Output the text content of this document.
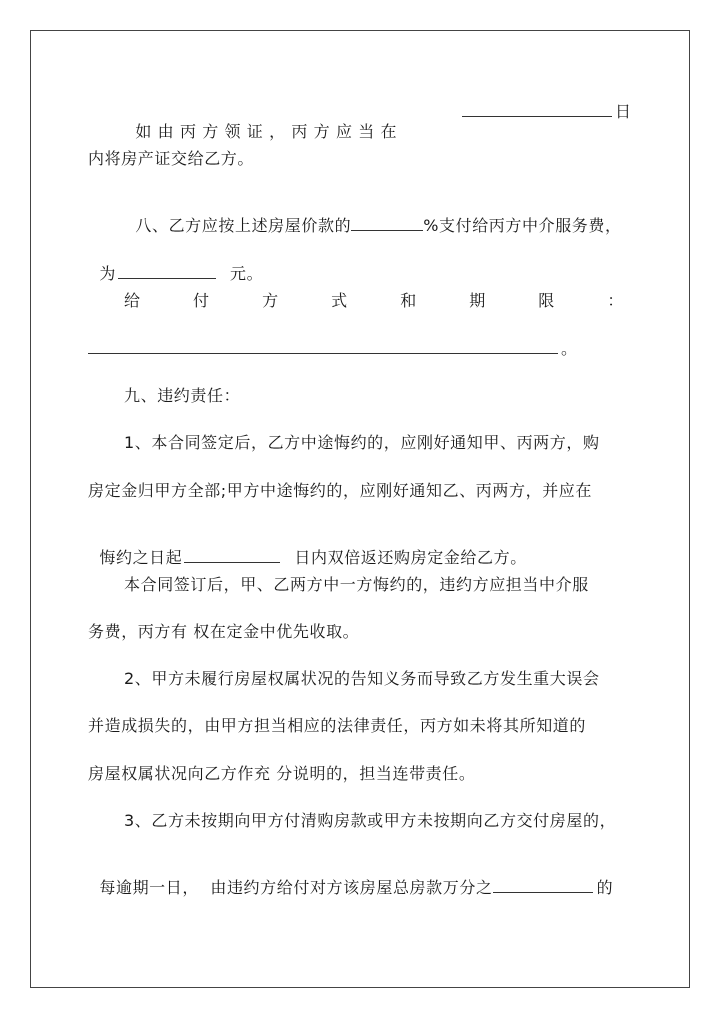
如 由 丙 方 领 证 ， 丙 方 应 当 在

日
内将房产证交给乙方。

八、乙方应按上述房屋价款的	%支付给丙方中介服务费，

为	元。

给	付	方	式	和	期	限	：
。
九、违约责任：
1、本合同签定后，乙方中途悔约的，应刚好通知甲、丙两方，购
房定金归甲方全部;甲方中途悔约的，应刚好通知乙、丙两方，并应在

悔约之日起	日内双倍返还购房定金给乙方。

本合同签订后，甲、乙两方中一方悔约的，违约方应担当中介服
务费，丙方有 权在定金中优先收取。
2、甲方未履行房屋权属状况的告知义务而导致乙方发生重大误会
并造成损失的，由甲方担当相应的法律责任，丙方如未将其所知道的
房屋权属状况向乙方作充 分说明的，担当连带责任。
3、乙方未按期向甲方付清购房款或甲方未按期向乙方交付房屋的，

每逾期一日，  由违约方给付对方该房屋总房款万分之	的
